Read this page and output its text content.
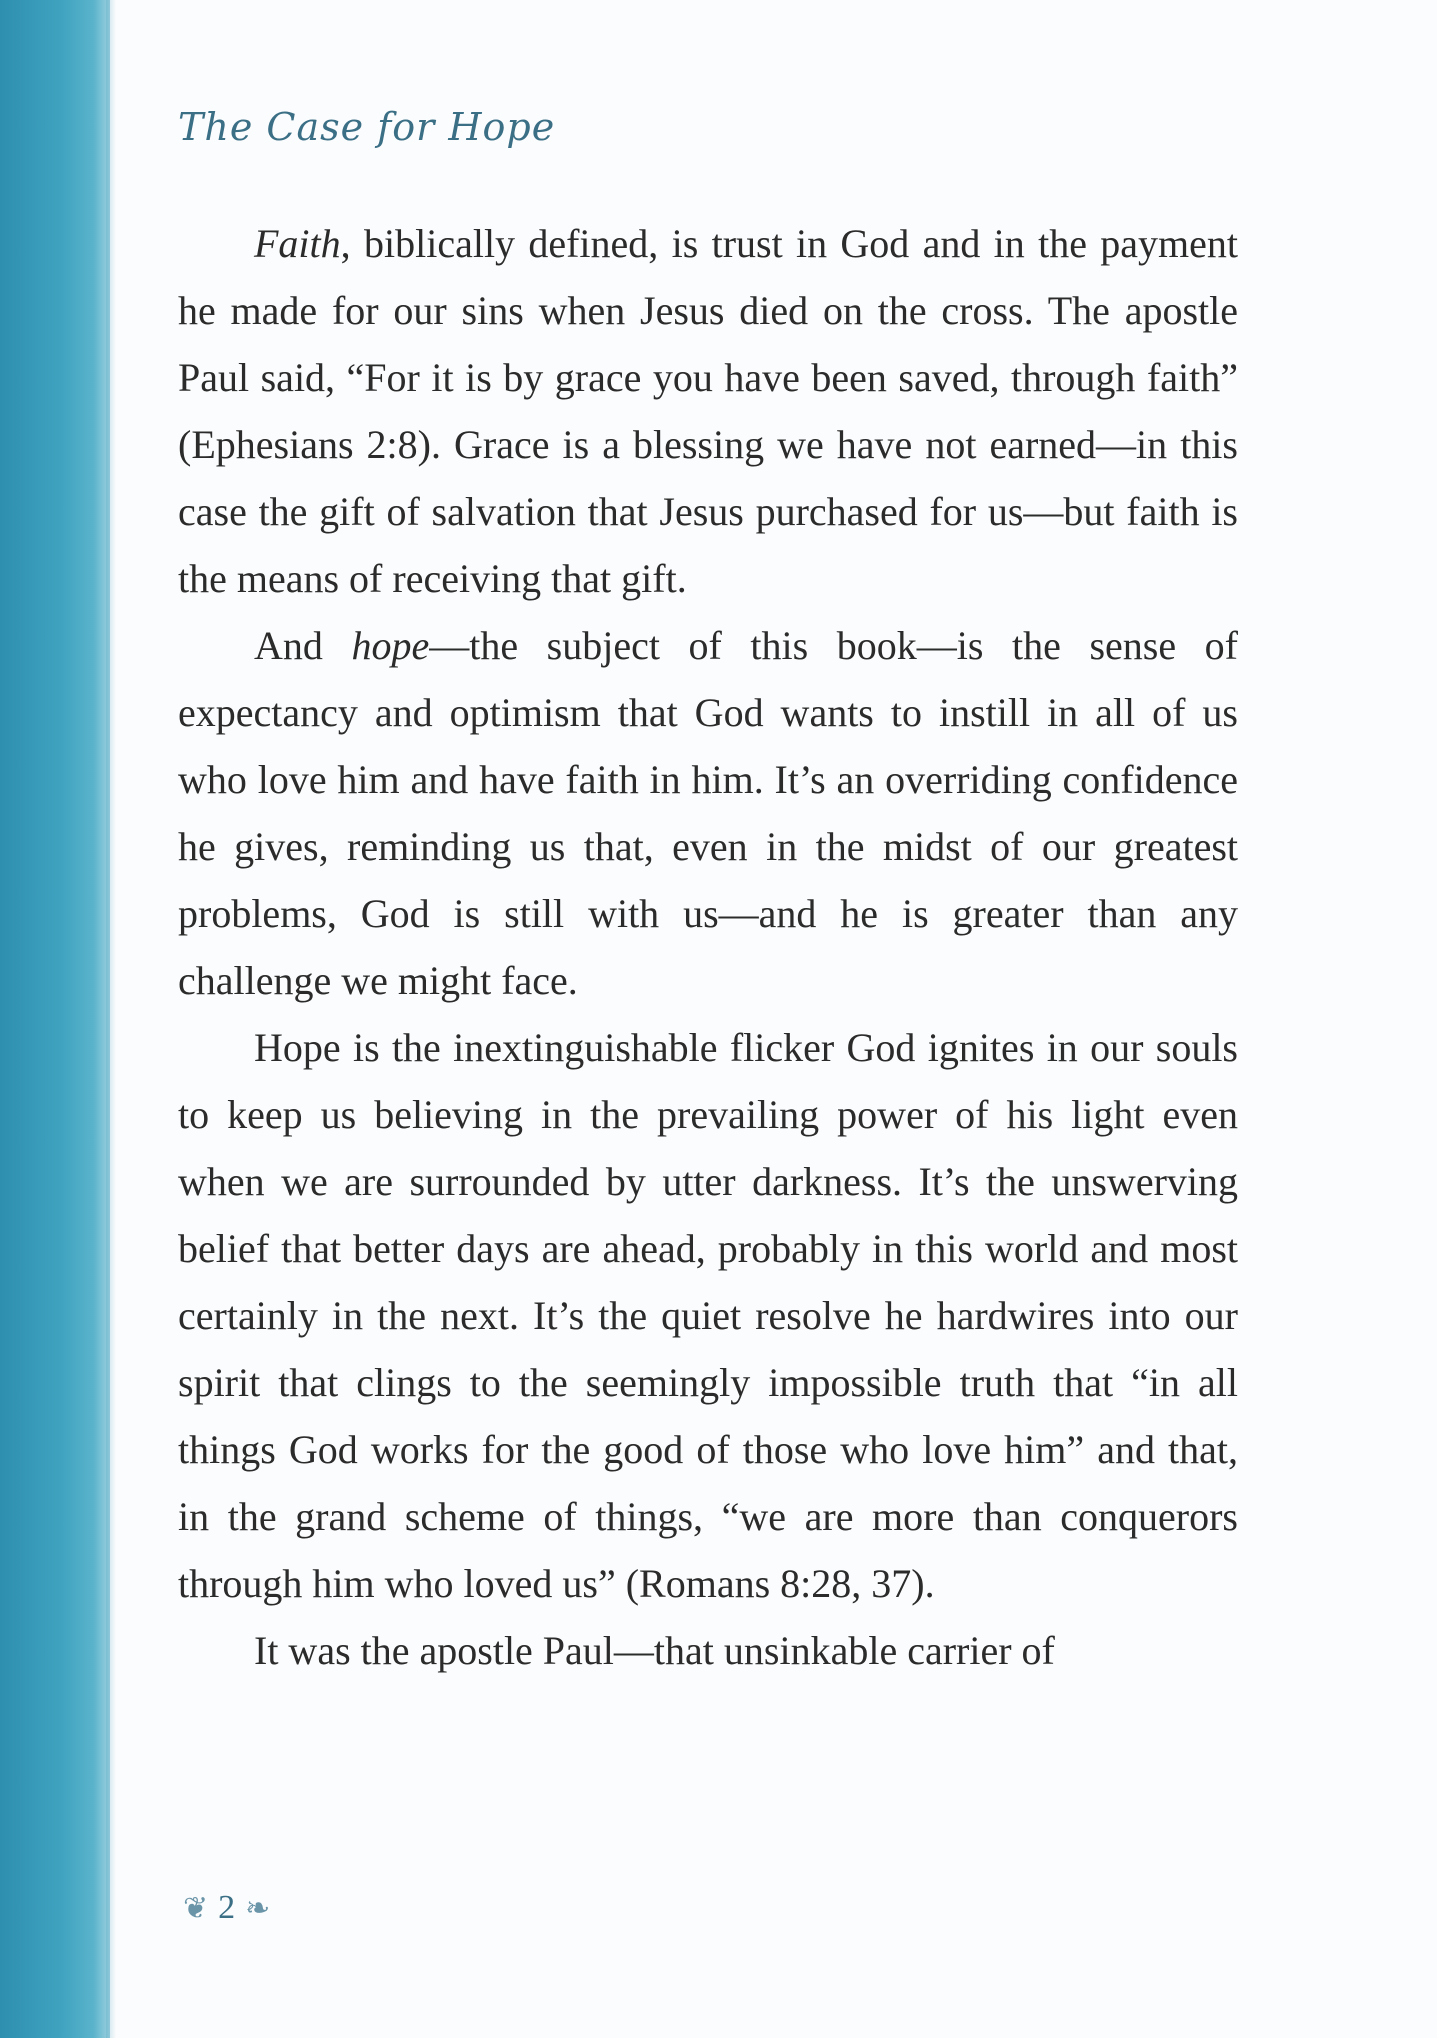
The Case for Hope

Faith, biblically defined, is trust in God and in the payment he made for our sins when Jesus died on the cross. The apostle Paul said, “For it is by grace you have been saved, through faith” (Ephesians 2:8). Grace is a blessing we have not earned—in this case the gift of salvation that Jesus purchased for us—but faith is the means of receiving that gift.

And hope—the subject of this book—is the sense of expectancy and optimism that God wants to instill in all of us who love him and have faith in him. It’s an overriding confidence he gives, reminding us that, even in the midst of our greatest problems, God is still with us—and he is greater than any challenge we might face.

Hope is the inextinguishable flicker God ignites in our souls to keep us believing in the prevailing power of his light even when we are surrounded by utter darkness. It’s the unswerving belief that better days are ahead, probably in this world and most certainly in the next. It’s the quiet resolve he hardwires into our spirit that clings to the seemingly impossible truth that “in all things God works for the good of those who love him” and that, in the grand scheme of things, “we are more than conquerors through him who loved us” (Romans 8:28, 37).

It was the apostle Paul—that unsinkable carrier of

❦ 2 ❧
